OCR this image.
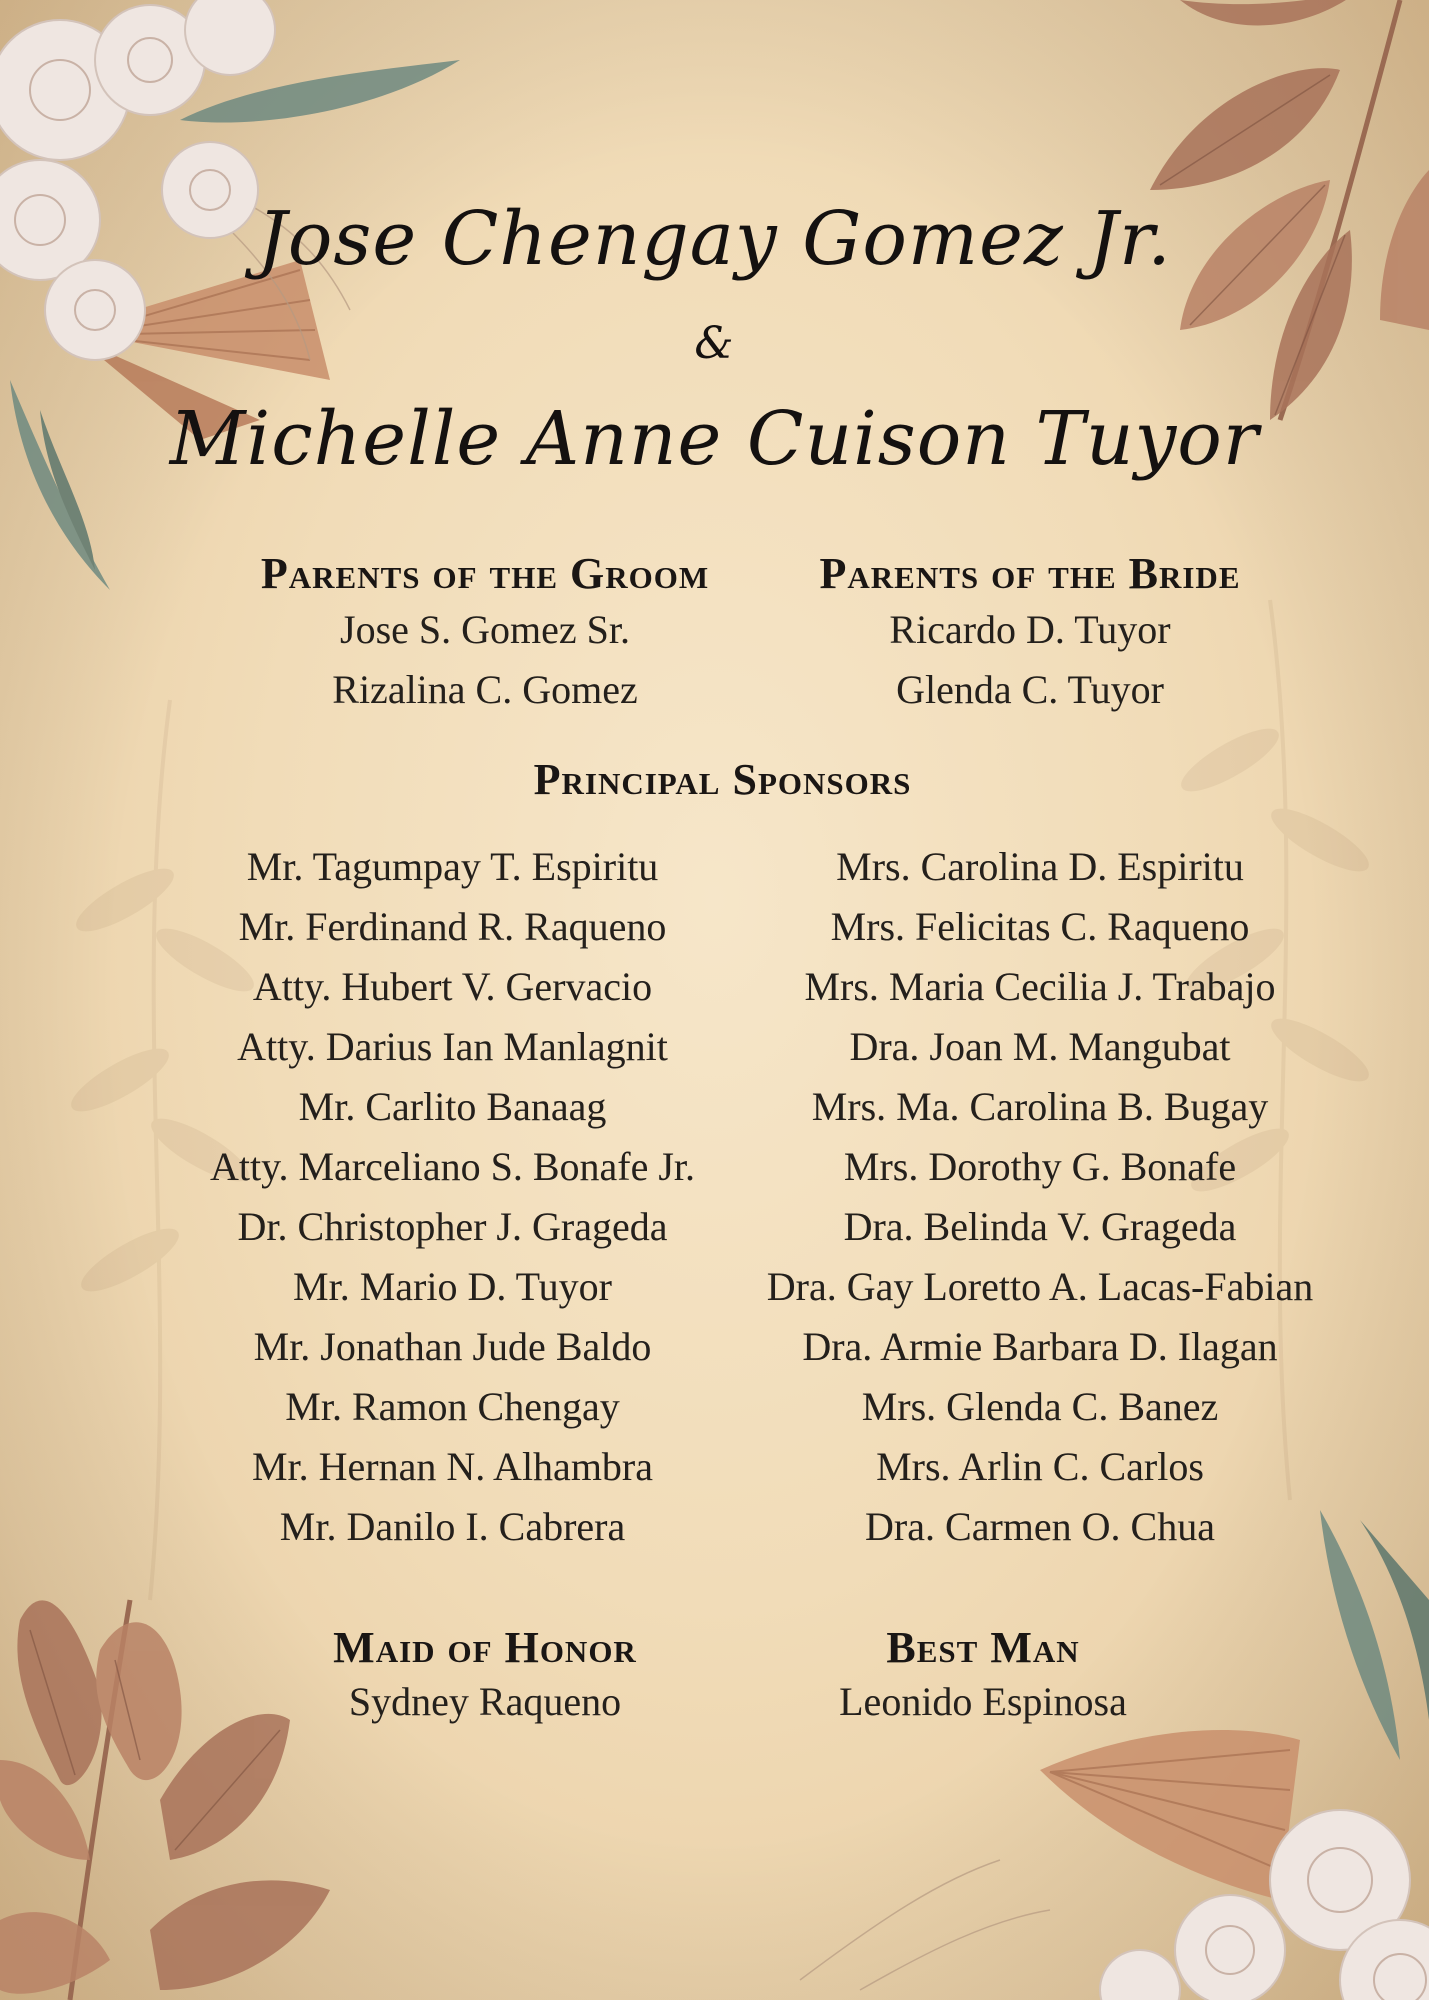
Jose Chengay Gomez Jr.
&
Michelle Anne Cuison Tuyor
Parents of the Groom
Jose S. Gomez Sr.
Rizalina C. Gomez
Parents of the Bride
Ricardo D. Tuyor
Glenda C. Tuyor
Principal Sponsors
Mr. Tagumpay T. Espiritu
Mr. Ferdinand R. Raqueno
Atty. Hubert V. Gervacio
Atty. Darius Ian Manlagnit
Mr. Carlito Banaag
Atty. Marceliano S. Bonafe Jr.
Dr. Christopher J. Grageda
Mr. Mario D. Tuyor
Mr. Jonathan Jude Baldo
Mr. Ramon Chengay
Mr. Hernan N. Alhambra
Mr. Danilo I. Cabrera
Mrs. Carolina D. Espiritu
Mrs. Felicitas C. Raqueno
Mrs. Maria Cecilia J. Trabajo
Dra. Joan M. Mangubat
Mrs. Ma. Carolina B. Bugay
Mrs. Dorothy G. Bonafe
Dra. Belinda V. Grageda
Dra. Gay Loretto A. Lacas-Fabian
Dra. Armie Barbara D. Ilagan
Mrs. Glenda C. Banez
Mrs. Arlin C. Carlos
Dra. Carmen O. Chua
Maid of Honor
Sydney Raqueno
Best Man
Leonido Espinosa
